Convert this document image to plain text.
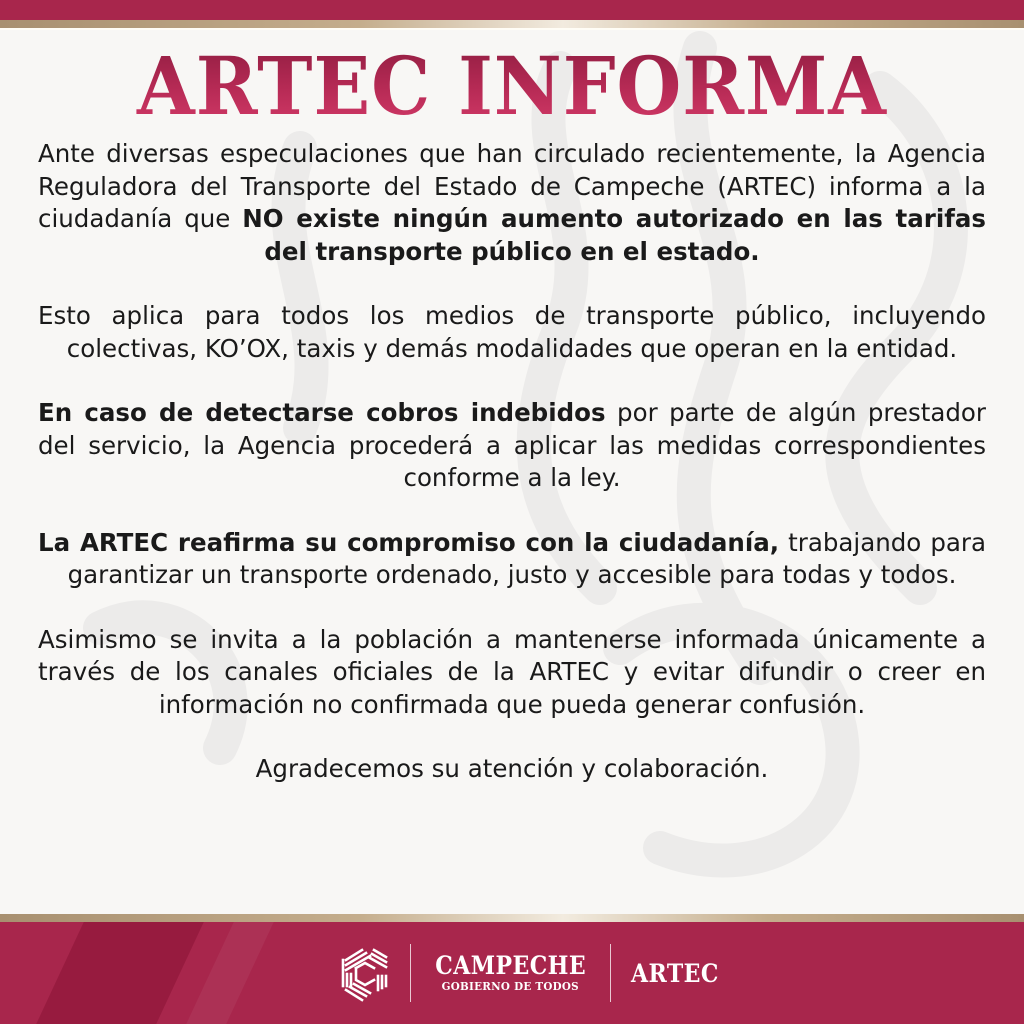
ARTEC INFORMA

Ante diversas especulaciones que han circulado recientemente, la Agencia Reguladora del Transporte del Estado de Campeche (ARTEC) informa a la ciudadanía que NO existe ningún aumento autorizado en las tarifas del transporte público en el estado.

Esto aplica para todos los medios de transporte público, incluyendo colectivas, KO’OX, taxis y demás modalidades que operan en la entidad.

En caso de detectarse cobros indebidos por parte de algún prestador del servicio, la Agencia procederá a aplicar las medidas correspondientes conforme a la ley.

La ARTEC reafirma su compromiso con la ciudadanía, trabajando para garantizar un transporte ordenado, justo y accesible para todas y todos.

Asimismo se invita a la población a mantenerse informada únicamente a través de los canales oficiales de la ARTEC y evitar difundir o creer en información no confirmada que pueda generar confusión.

Agradecemos su atención y colaboración.

CAMPECHE
GOBIERNO DE TODOS ARTEC
